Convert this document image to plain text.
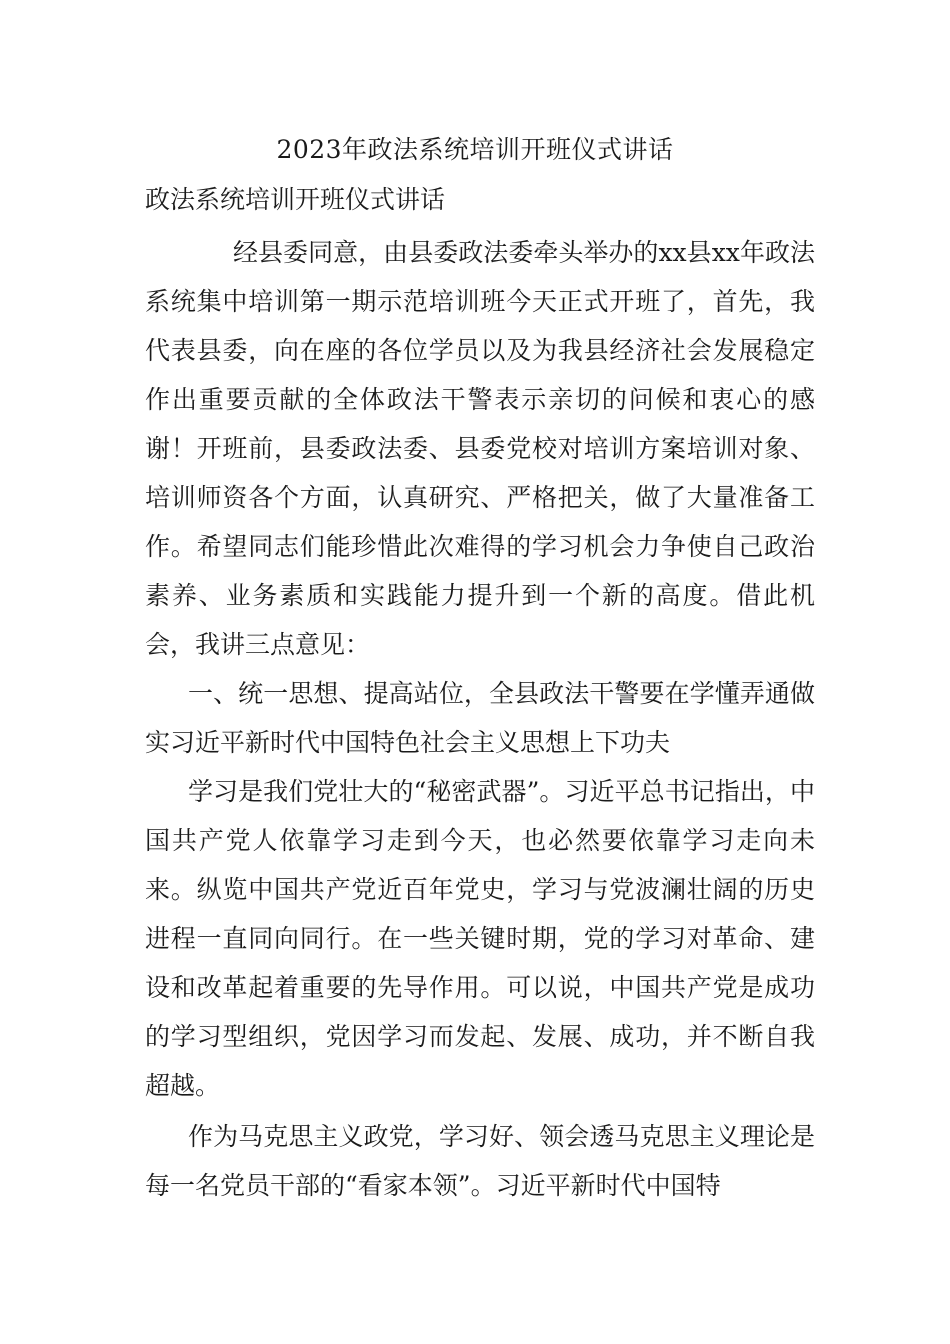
2023年政法系统培训开班仪式讲话
政法系统培训开班仪式讲话

经县委同意，由县委政法委牵头举办的xx县xx年政法系统集中培训第一期示范培训班今天正式开班了，首先，我代表县委，向在座的各位学员以及为我县经济社会发展稳定作出重要贡献的全体政法干警表示亲切的问候和衷心的感谢！开班前，县委政法委、县委党校对培训方案培训对象、培训师资各个方面，认真研究、严格把关，做了大量准备工作。希望同志们能珍惜此次难得的学习机会力争使自己政治素养、业务素质和实践能力提升到一个新的高度。借此机会，我讲三点意见：

一、统一思想、提高站位，全县政法干警要在学懂弄通做实习近平新时代中国特色社会主义思想上下功夫

学习是我们党壮大的“秘密武器”。习近平总书记指出，中国共产党人依靠学习走到今天，也必然要依靠学习走向未来。纵览中国共产党近百年党史，学习与党波澜壮阔的历史进程一直同向同行。在一些关键时期，党的学习对革命、建设和改革起着重要的先导作用。可以说，中国共产党是成功的学习型组织，党因学习而发起、发展、成功，并不断自我超越。

作为马克思主义政党，学习好、领会透马克思主义理论是每一名党员干部的“看家本领”。习近平新时代中国特
